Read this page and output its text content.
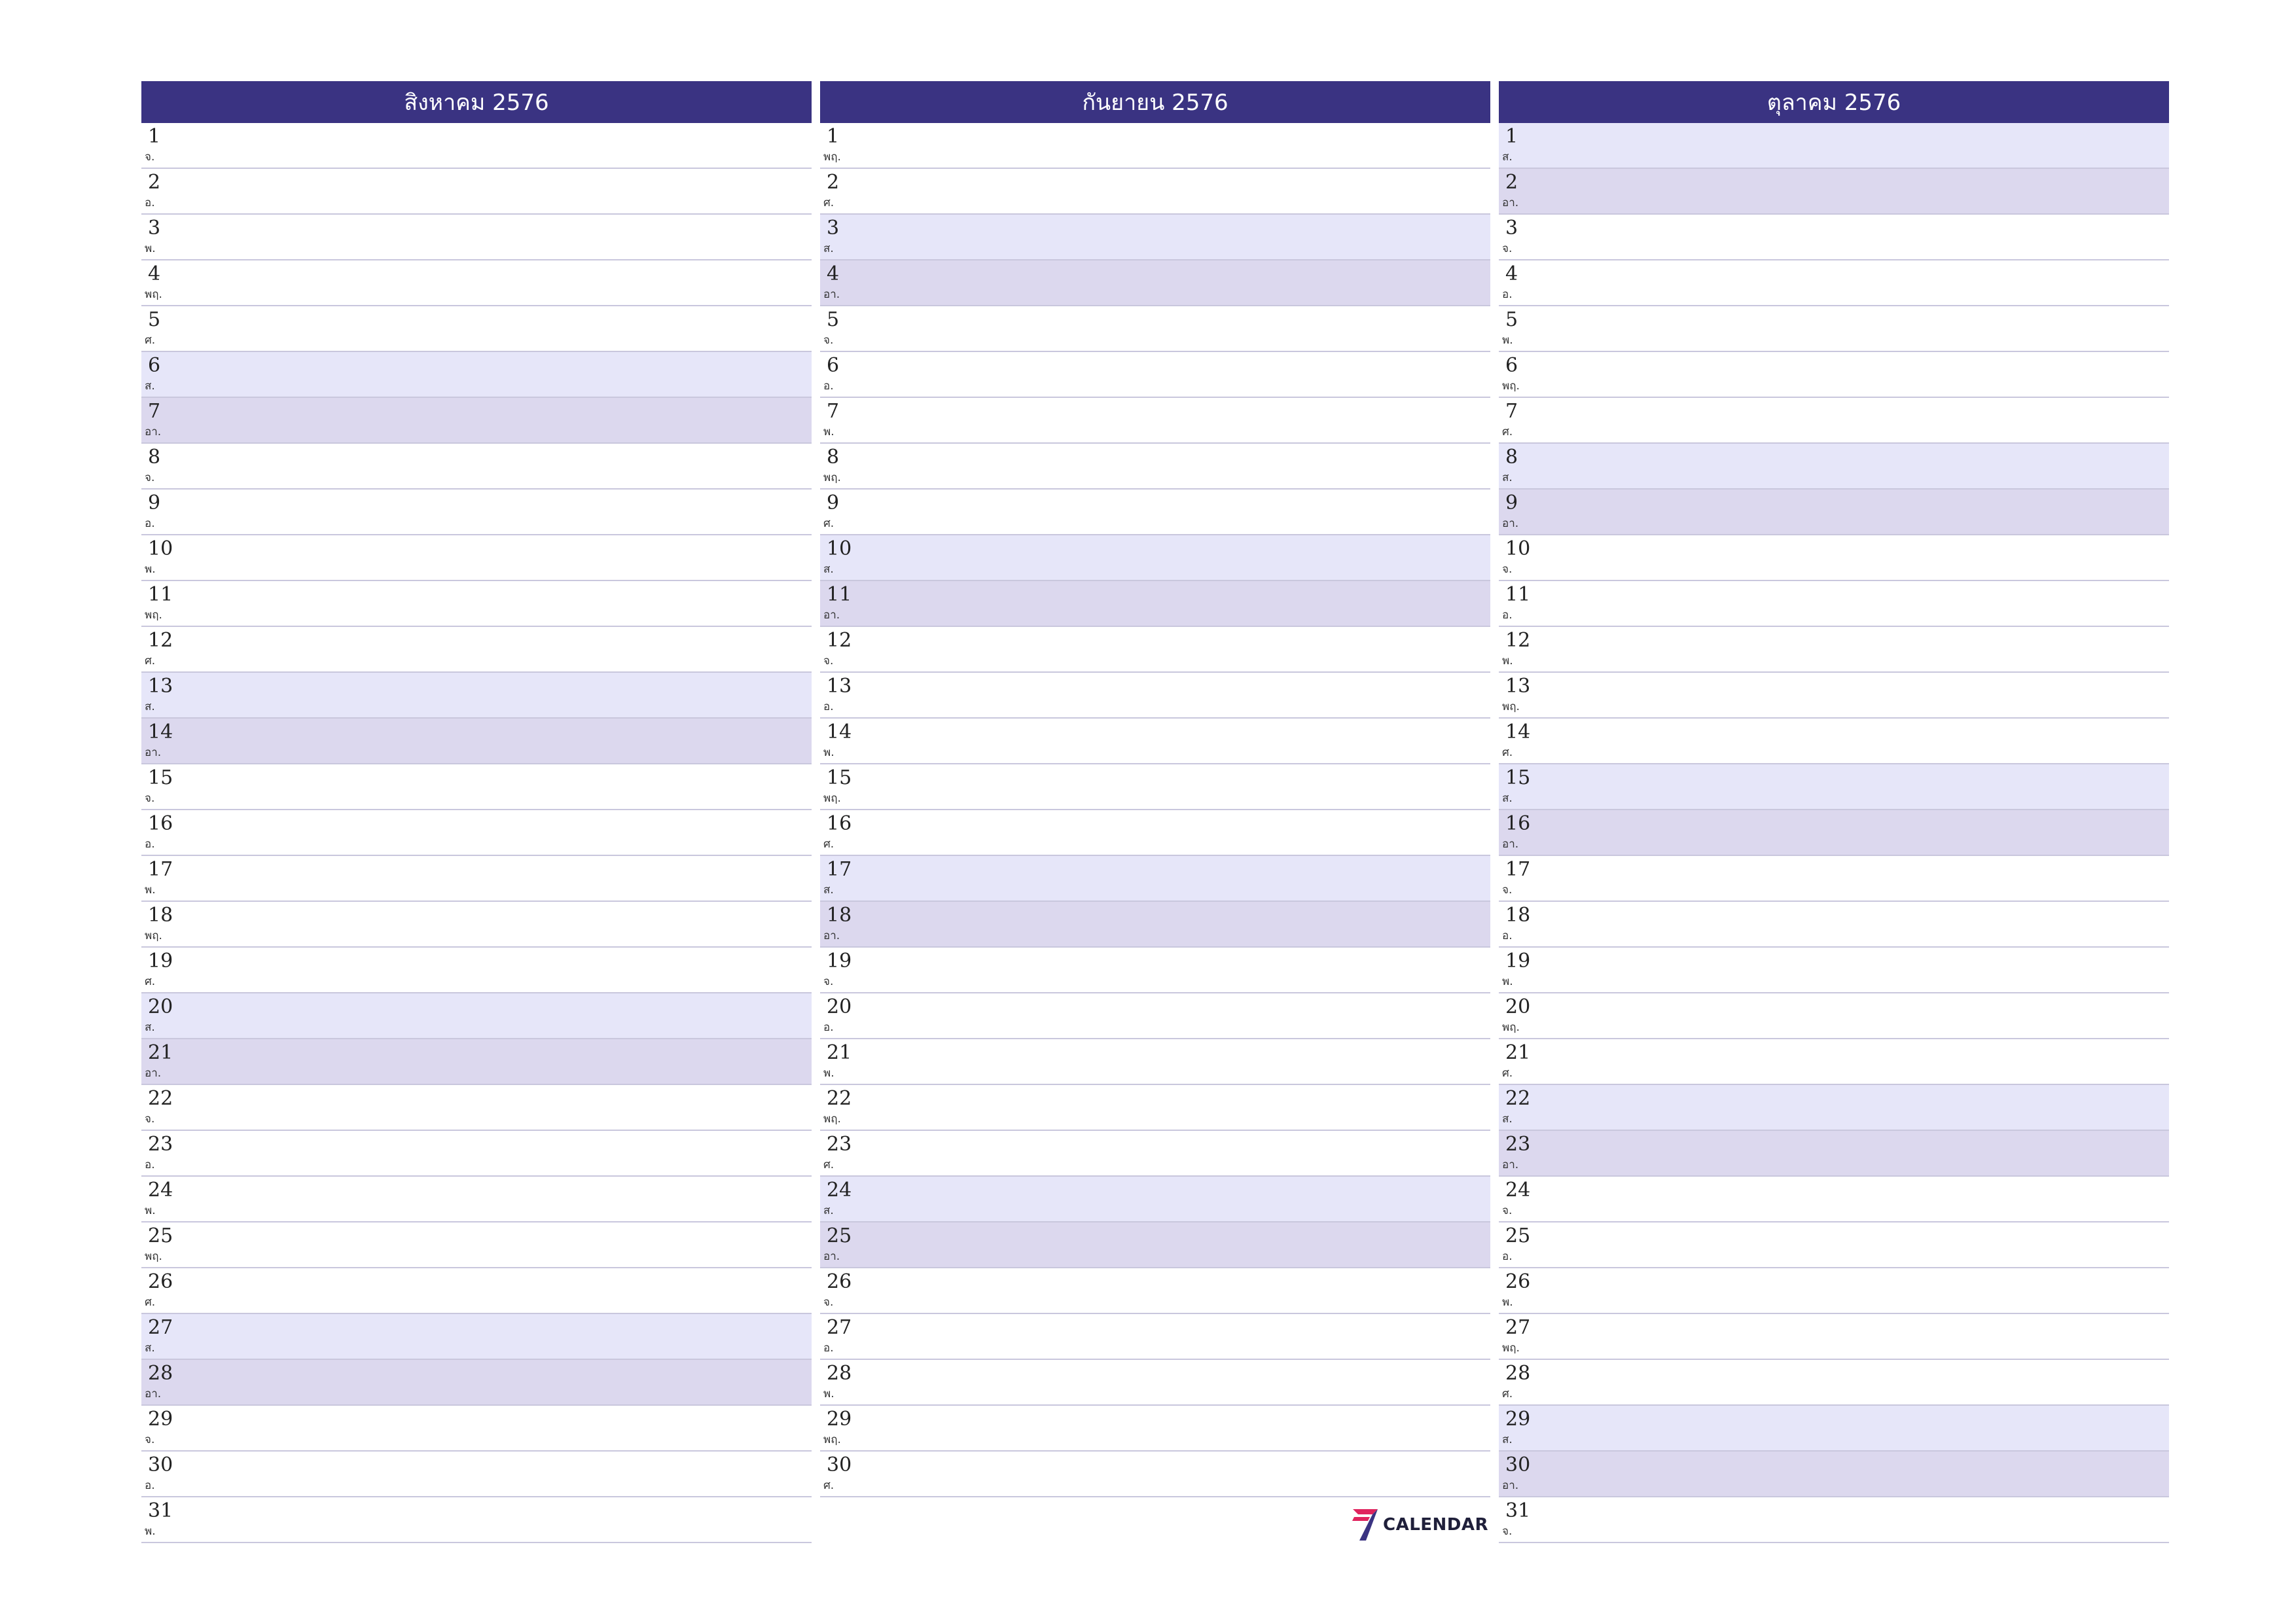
สิงหาคม 2576
1
จ.
2
อ.
3
พ.
4
พฤ.
5
ศ.
6
ส.
7
อา.
8
จ.
9
อ.
10
พ.
11
พฤ.
12
ศ.
13
ส.
14
อา.
15
จ.
16
อ.
17
พ.
18
พฤ.
19
ศ.
20
ส.
21
อา.
22
จ.
23
อ.
24
พ.
25
พฤ.
26
ศ.
27
ส.
28
อา.
29
จ.
30
อ.
31
พ.
กันยายน 2576
1
พฤ.
2
ศ.
3
ส.
4
อา.
5
จ.
6
อ.
7
พ.
8
พฤ.
9
ศ.
10
ส.
11
อา.
12
จ.
13
อ.
14
พ.
15
พฤ.
16
ศ.
17
ส.
18
อา.
19
จ.
20
อ.
21
พ.
22
พฤ.
23
ศ.
24
ส.
25
อา.
26
จ.
27
อ.
28
พ.
29
พฤ.
30
ศ.
ตุลาคม 2576
1
ส.
2
อา.
3
จ.
4
อ.
5
พ.
6
พฤ.
7
ศ.
8
ส.
9
อา.
10
จ.
11
อ.
12
พ.
13
พฤ.
14
ศ.
15
ส.
16
อา.
17
จ.
18
อ.
19
พ.
20
พฤ.
21
ศ.
22
ส.
23
อา.
24
จ.
25
อ.
26
พ.
27
พฤ.
28
ศ.
29
ส.
30
อา.
31
จ.
CALENDAR
